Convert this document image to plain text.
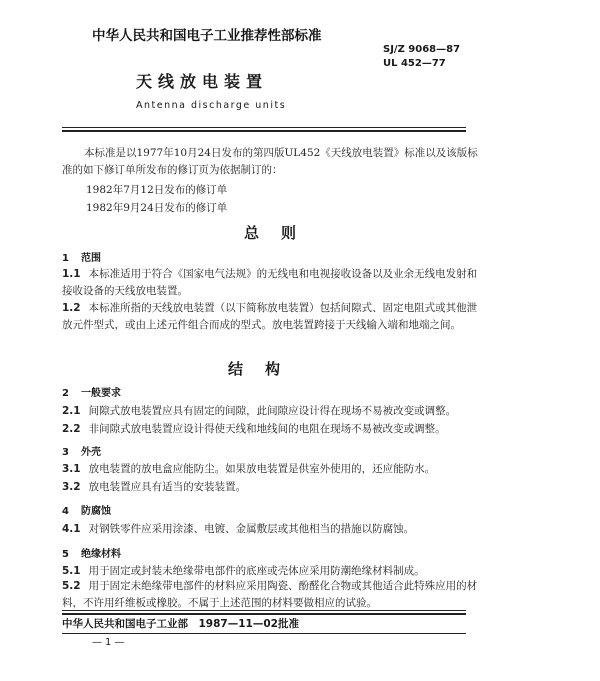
中华人民共和国电子工业推荐性部标准
SJ/Z 9068—87
UL 452—77
天线放电装置
Antenna discharge units
本标准是以1977年10月24日发布的第四版UL452《天线放电装置》标准以及该版标准的如下修订单所发布的修订页为依据制订的：
1982年7月12日发布的修订单
1982年9月24日发布的修订单
总则
1 范围
1.1 本标准适用于符合《国家电气法规》的无线电和电视接收设备以及业余无线电发射和接收设备的天线放电装置。
1.2 本标准所指的天线放电装置（以下简称放电装置）包括间隙式、固定电阻式或其他泄放元件型式，或由上述元件组合而成的型式。放电装置跨接于天线输入端和地端之间。
结构
2 一般要求
2.1 间隙式放电装置应具有固定的间隙，此间隙应设计得在现场不易被改变或调整。
2.2 非间隙式放电装置应设计得使天线和地线间的电阻在现场不易被改变或调整。
3 外壳
3.1 放电装置的放电盒应能防尘。如果放电装置是供室外使用的，还应能防水。
3.2 放电装置应具有适当的安装装置。
4 防腐蚀
4.1 对钢铁零件应采用涂漆、电镀、金属敷层或其他相当的措施以防腐蚀。
5 绝缘材料
5.1 用于固定或封装未绝缘带电部件的底座或壳体应采用防潮绝缘材料制成。
5.2 用于固定未绝缘带电部件的材料应采用陶瓷、酚醛化合物或其他适合此特殊应用的材料，不许用纤维板或橡胶。不属于上述范围的材料要做相应的试验。
中华人民共和国电子工业部　1987—11—02批准
—1—
